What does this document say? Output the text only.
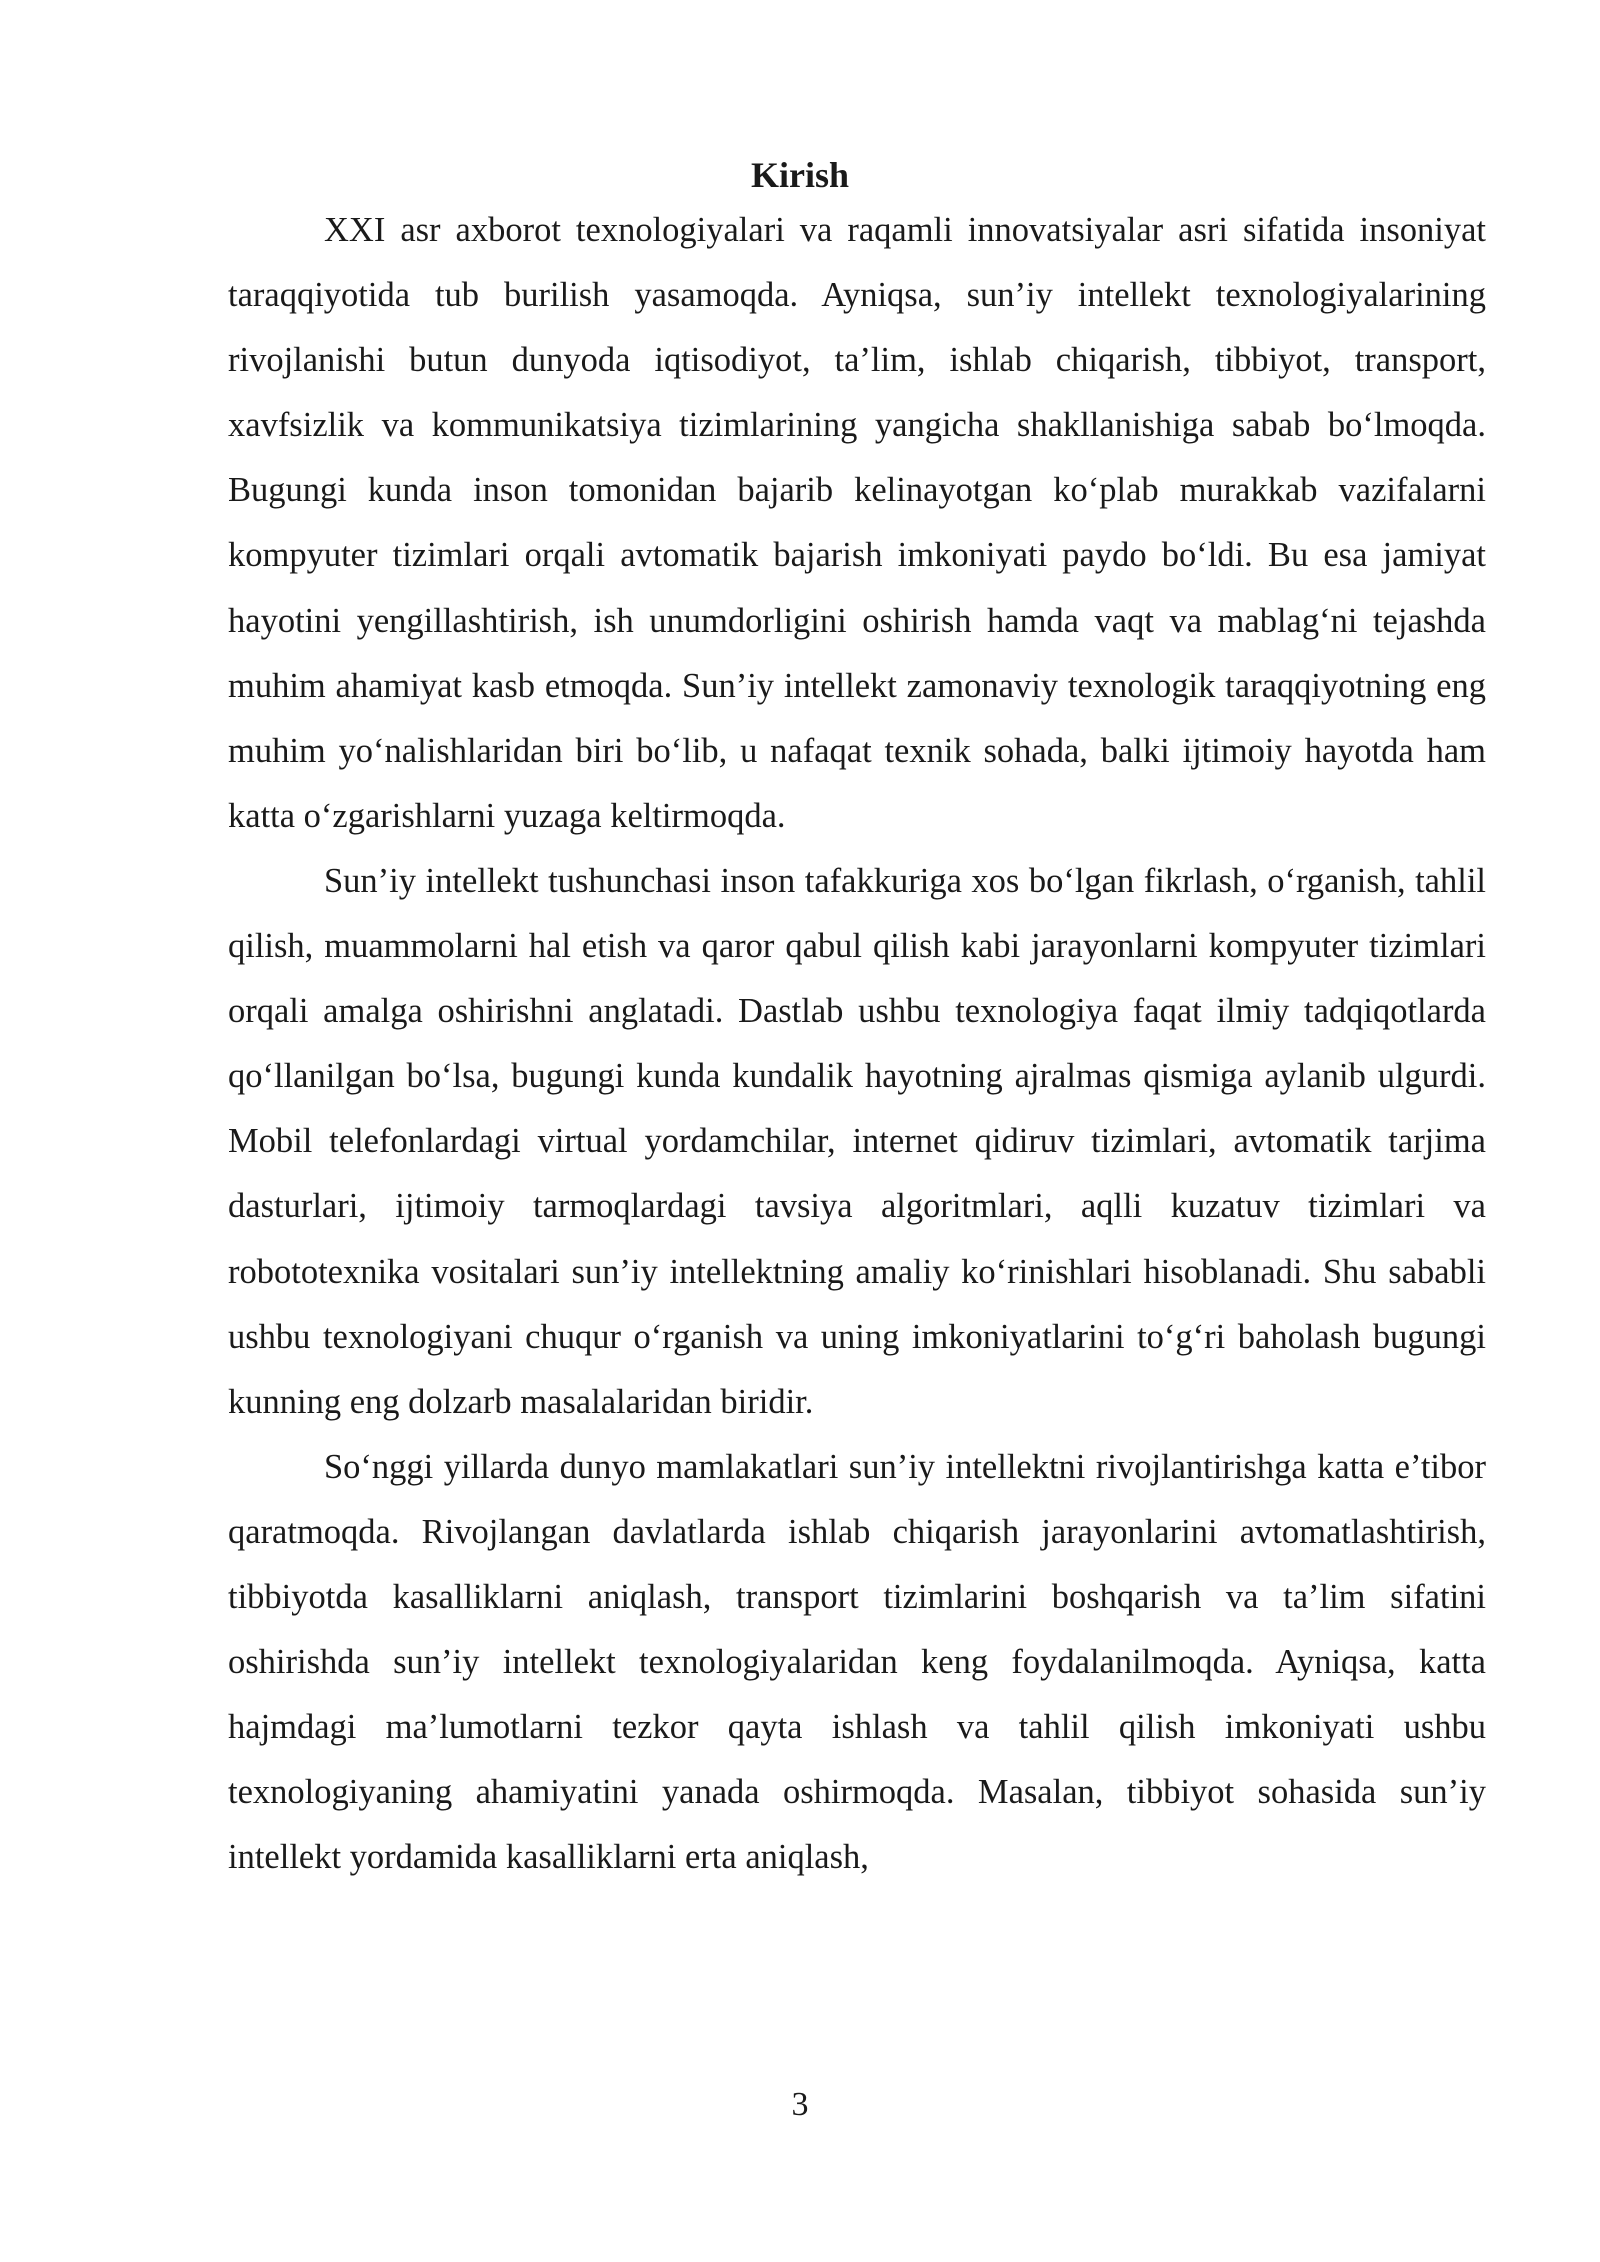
Kirish

XXI asr axborot texnologiyalari va raqamli innovatsiyalar asri sifatida insoniyat taraqqiyotida tub burilish yasamoqda. Ayniqsa, sun’iy intellekt texnologiyalarining rivojlanishi butun dunyoda iqtisodiyot, ta’lim, ishlab chiqarish, tibbiyot, transport, xavfsizlik va kommunikatsiya tizimlarining yangicha shakllanishiga sabab bo‘lmoqda. Bugungi kunda inson tomonidan bajarib kelinayotgan ko‘plab murakkab vazifalarni kompyuter tizimlari orqali avtomatik bajarish imkoniyati paydo bo‘ldi. Bu esa jamiyat hayotini yengillashtirish, ish unumdorligini oshirish hamda vaqt va mablag‘ni tejashda muhim ahamiyat kasb etmoqda. Sun’iy intellekt zamonaviy texnologik taraqqiyotning eng muhim yo‘nalishlaridan biri bo‘lib, u nafaqat texnik sohada, balki ijtimoiy hayotda ham katta o‘zgarishlarni yuzaga keltirmoqda.

Sun’iy intellekt tushunchasi inson tafakkuriga xos bo‘lgan fikrlash, o‘rganish, tahlil qilish, muammolarni hal etish va qaror qabul qilish kabi jarayonlarni kompyuter tizimlari orqali amalga oshirishni anglatadi. Dastlab ushbu texnologiya faqat ilmiy tadqiqotlarda qo‘llanilgan bo‘lsa, bugungi kunda kundalik hayotning ajralmas qismiga aylanib ulgurdi. Mobil telefonlardagi virtual yordamchilar, internet qidiruv tizimlari, avtomatik tarjima dasturlari, ijtimoiy tarmoqlardagi tavsiya algoritmlari, aqlli kuzatuv tizimlari va robototexnika vositalari sun’iy intellektning amaliy ko‘rinishlari hisoblanadi. Shu sababli ushbu texnologiyani chuqur o‘rganish va uning imkoniyatlarini to‘g‘ri baholash bugungi kunning eng dolzarb masalalaridan biridir.

So‘nggi yillarda dunyo mamlakatlari sun’iy intellektni rivojlantirishga katta e’tibor qaratmoqda. Rivojlangan davlatlarda ishlab chiqarish jarayonlarini avtomatlashtirish, tibbiyotda kasalliklarni aniqlash, transport tizimlarini boshqarish va ta’lim sifatini oshirishda sun’iy intellekt texnologiyalaridan keng foydalanilmoqda. Ayniqsa, katta hajmdagi ma’lumotlarni tezkor qayta ishlash va tahlil qilish imkoniyati ushbu texnologiyaning ahamiyatini yanada oshirmoqda. Masalan, tibbiyot sohasida sun’iy intellekt yordamida kasalliklarni erta aniqlash,

3
